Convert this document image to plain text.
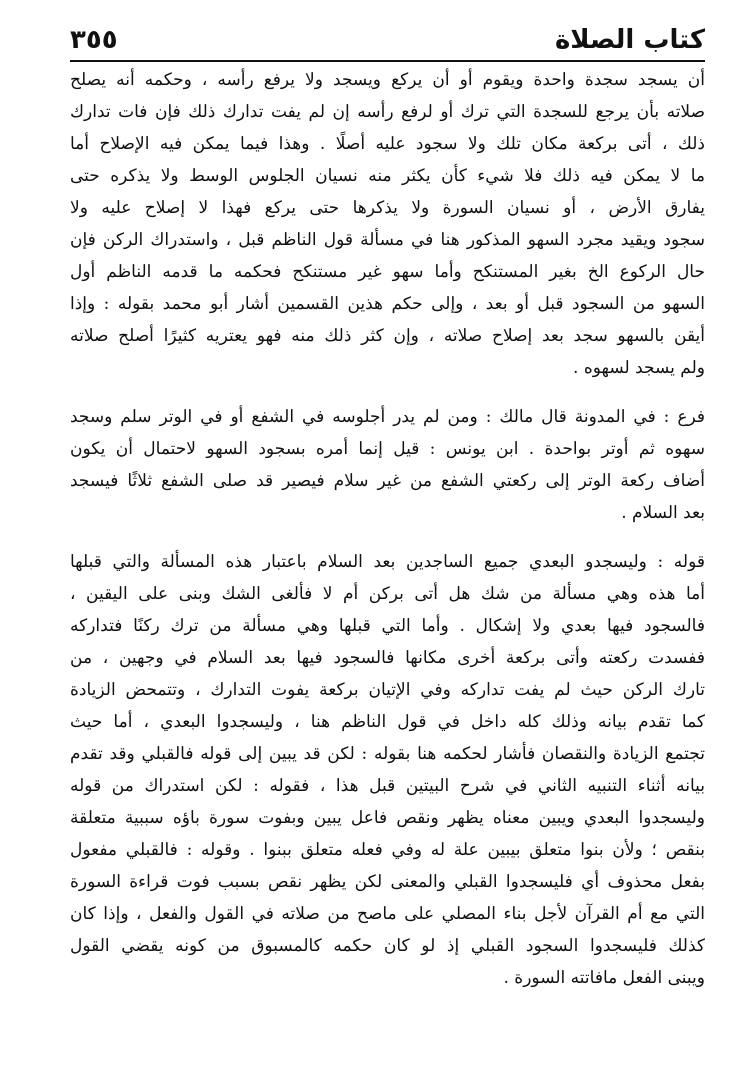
كتاب الصلاة
٣٥٥
أن يسجد سجدة واحدة ويقوم أو أن يركع ويسجد ولا يرفع رأسه ، وحكمه أنه يصلح
صلاته بأن يرجع للسجدة التي ترك أو لرفع رأسه إن لم يفت تدارك ذلك فإن فات تدارك
ذلك ، أتى بركعة مكان تلك ولا سجود عليه أصلًا . وهذا فيما يمكن فيه الإصلاح أما
ما لا يمكن فيه ذلك فلا شيء كأن يكثر منه نسيان الجلوس الوسط ولا يذكره حتى
يفارق الأرض ، أو نسيان السورة ولا يذكرها حتى يركع فهذا لا إصلاح عليه ولا
سجود ويقيد مجرد السهو المذكور هنا في مسألة قول الناظم قبل ، واستدراك الركن فإن
حال الركوع الخ بغير المستنكح وأما سهو غير مستنكح فحكمه ما قدمه الناظم أول
السهو من السجود قبل أو بعد ، وإلى حكم هذين القسمين أشار أبو محمد بقوله : وإذا
أيقن بالسهو سجد بعد إصلاح صلاته ، وإن كثر ذلك منه فهو يعتريه كثيرًا أصلح صلاته
ولم يسجد لسهوه .
فرع : في المدونة قال مالك : ومن لم يدر أجلوسه في الشفع أو في الوتر سلم وسجد
سهوه ثم أوتر بواحدة . ابن يونس : قيل إنما أمره بسجود السهو لاحتمال أن يكون
أضاف ركعة الوتر إلى ركعتي الشفع من غير سلام فيصير قد صلى الشفع ثلاثًا فيسجد
بعد السلام .
قوله : وليسجدو البعدي جميع الساجدين بعد السلام باعتبار هذه المسألة والتي قبلها
أما هذه وهي مسألة من شك هل أتى بركن أم لا فألغى الشك وبنى على اليقين ،
فالسجود فيها بعدي ولا إشكال . وأما التي قبلها وهي مسألة من ترك ركنًا فتداركه
ففسدت ركعته وأتى بركعة أخرى مكانها فالسجود فيها بعد السلام في وجهين ، من
تارك الركن حيث لم يفت تداركه وفي الإتيان بركعة يفوت التدارك ، وتتمحض الزيادة
كما تقدم بيانه وذلك كله داخل في قول الناظم هنا ، وليسجدوا البعدي ، أما حيث
تجتمع الزيادة والنقصان فأشار لحكمه هنا بقوله : لكن قد يبين إلى قوله فالقبلي وقد تقدم
بيانه أثناء التنبيه الثاني في شرح البيتين قبل هذا ، فقوله : لكن استدراك من قوله
وليسجدوا البعدي ويبين معناه يظهر ونقص فاعل يبين وبفوت سورة باؤه سببية متعلقة
بنقص ؛ ولأن بنوا متعلق بيبين علة له وفي فعله متعلق ببنوا . وقوله : فالقبلي مفعول
بفعل محذوف أي فليسجدوا القبلي والمعنى لكن يظهر نقص بسبب فوت قراءة السورة
التي مع أم القرآن لأجل بناء المصلي على ماصح من صلاته في القول والفعل ، وإذا كان
كذلك فليسجدوا السجود القبلي إذ لو كان حكمه كالمسبوق من كونه يقضي القول
ويبنى الفعل مافاتته السورة .
